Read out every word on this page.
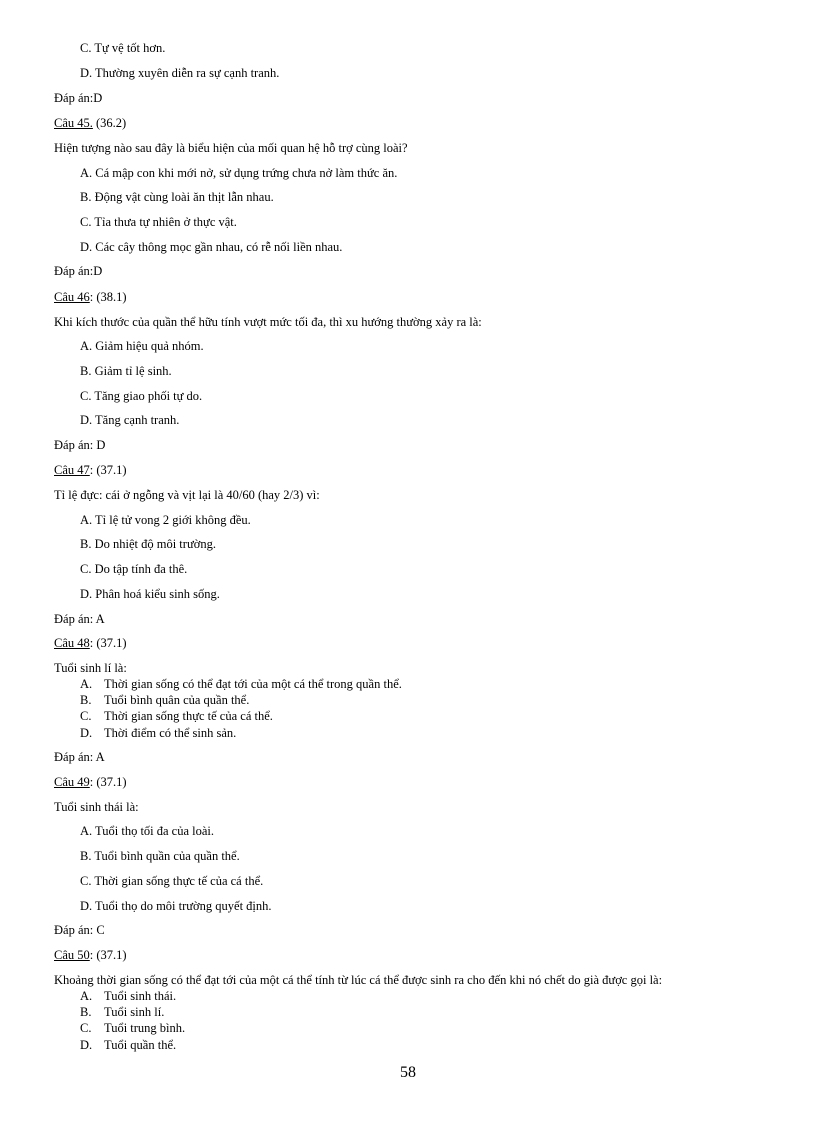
C. Tự vệ tốt hơn.
D. Thường xuyên diễn ra sự cạnh tranh.
Đáp án:D
Câu 45. (36.2)
Hiện tượng nào sau đây là biểu hiện của mối quan hệ hỗ trợ cùng loài?
A. Cá mập con khi mới nở, sử dụng trứng chưa nở làm thức ăn.
B. Động vật cùng loài ăn thịt lẫn nhau.
C. Tỉa thưa tự nhiên ở thực vật.
D. Các cây thông mọc gần nhau, có rễ nối liền nhau.
Đáp án:D
Câu 46: (38.1)
Khi kích thước của quần thể hữu tính vượt mức tối đa, thì xu hướng thường xảy ra là:
A. Giảm hiệu quả nhóm.
B. Giảm tỉ lệ sinh.
C. Tăng giao phối tự do.
D. Tăng cạnh tranh.
Đáp án: D
Câu 47: (37.1)
Tỉ lệ đực: cái ở ngỗng và vịt lại là 40/60 (hay 2/3) vì:
A. Tỉ lệ tử vong 2 giới không đều.
B. Do nhiệt độ môi trường.
C. Do tập tính đa thê.
D. Phân hoá kiểu sinh sống.
Đáp án: A
Câu 48: (37.1)
Tuổi sinh lí là:
A. Thời gian sống có thể đạt tới của một cá thể trong quần thể.
B. Tuổi bình quân của quần thể.
C. Thời gian sống thực tế của cá thể.
D. Thời điểm có thể sinh sản.
Đáp án: A
Câu 49: (37.1)
Tuổi sinh thái là:
A. Tuổi thọ tối đa của loài.
B. Tuổi bình quần của quần thể.
C. Thời gian sống thực tế của cá thể.
D. Tuổi thọ do môi trường quyết định.
Đáp án: C
Câu 50: (37.1)
Khoảng thời gian sống có thể đạt tới của một cá thể tính từ lúc cá thể được sinh ra cho đến khi nó chết do già được gọi là:
A. Tuổi sinh thái.
B. Tuổi sinh lí.
C. Tuổi trung bình.
D. Tuổi quần thể.
58
